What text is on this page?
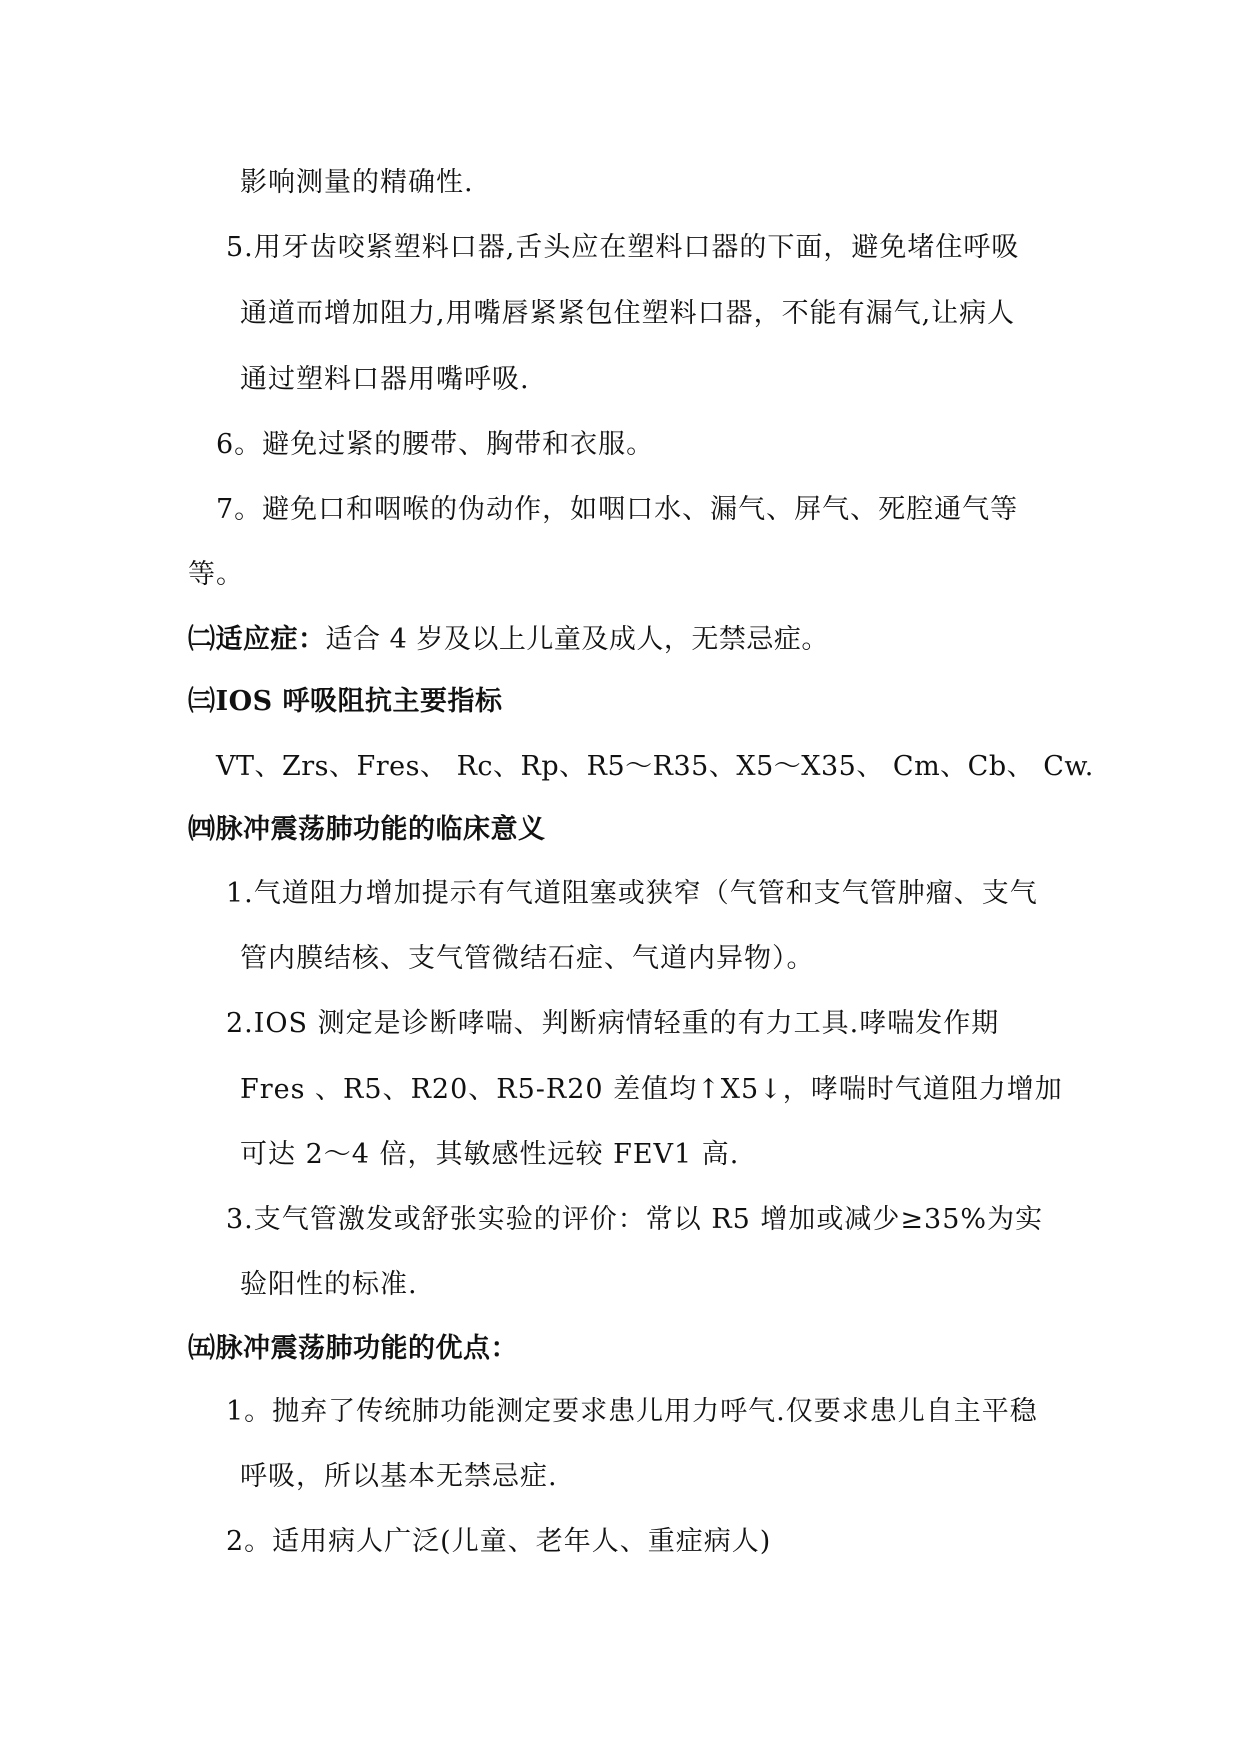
影响测量的精确性.
5.用牙齿咬紧塑料口器,舌头应在塑料口器的下面，避免堵住呼吸
通道而增加阻力,用嘴唇紧紧包住塑料口器，不能有漏气,让病人
通过塑料口器用嘴呼吸.
6。避免过紧的腰带、胸带和衣服。
7。避免口和咽喉的伪动作，如咽口水、漏气、屏气、死腔通气等
等。
㈡适应症：适合 4 岁及以上儿童及成人，无禁忌症。
㈢IOS 呼吸阻抗主要指标
VT、Zrs、Fres、 Rc、Rp、R5～R35、X5～X35、 Cm、Cb、 Cw.
㈣脉冲震荡肺功能的临床意义
1.气道阻力增加提示有气道阻塞或狭窄（气管和支气管肿瘤、支气
管内膜结核、支气管微结石症、气道内异物）。
2.IOS 测定是诊断哮喘、判断病情轻重的有力工具.哮喘发作期
Fres 、R5、R20、R5-R20 差值均↑X5↓，哮喘时气道阻力增加
可达 2～4 倍，其敏感性远较 FEV1 高.
3.支气管激发或舒张实验的评价：常以 R5 增加或减少≥35%为实
验阳性的标准.
㈤脉冲震荡肺功能的优点：
1。抛弃了传统肺功能测定要求患儿用力呼气.仅要求患儿自主平稳
呼吸，所以基本无禁忌症.
2。适用病人广泛(儿童、老年人、重症病人)
